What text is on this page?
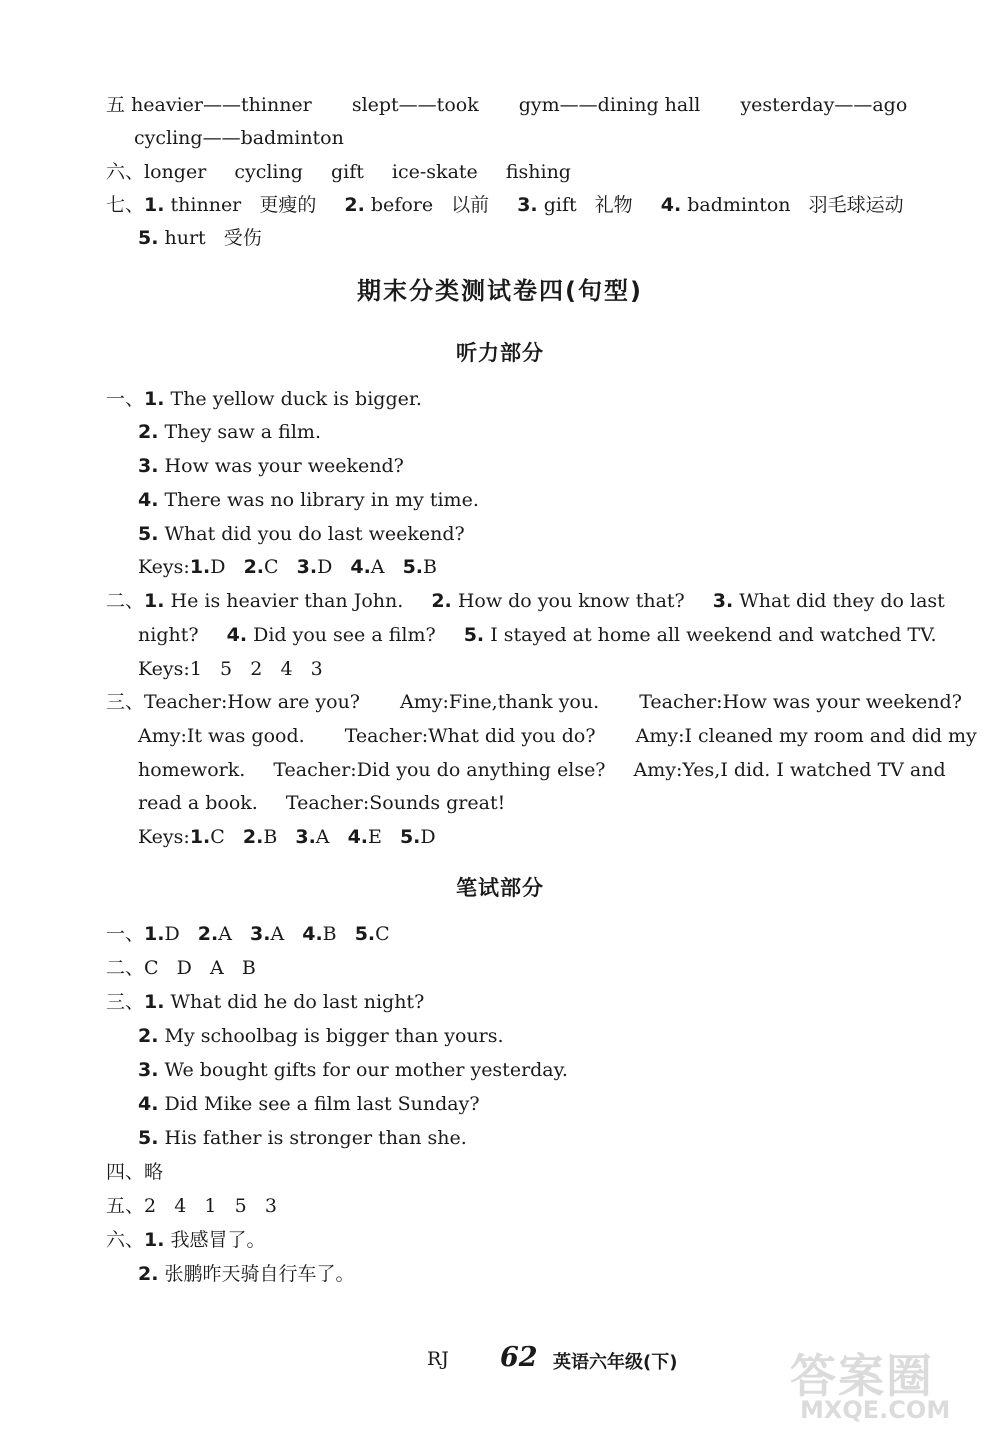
五 heavier——thinner slept——took gym——dining hall yesterday——ago
cycling——badminton
六、longer cycling gift ice-skate fishing
七、1. thinner 更瘦的 2. before 以前 3. gift 礼物 4. badminton 羽毛球运动
5. hurt 受伤
期末分类测试卷四(句型)
听力部分
一、1. The yellow duck is bigger.
2. They saw a film.
3. How was your weekend?
4. There was no library in my time.
5. What did you do last weekend?
Keys:1.D 2.C 3.D 4.A 5.B
二、1. He is heavier than John. 2. How do you know that? 3. What did they do last
night? 4. Did you see a film? 5. I stayed at home all weekend and watched TV.
Keys:1   5   2   4   3
三、Teacher:How are you? Amy:Fine,thank you. Teacher:How was your weekend?
Amy:It was good. Teacher:What did you do? Amy:I cleaned my room and did my
homework. Teacher:Did you do anything else? Amy:Yes,I did. I watched TV and
read a book. Teacher:Sounds great!
Keys:1.C 2.B 3.A 4.E 5.D
笔试部分
一、1.D 2.A 3.A 4.B 5.C
二、C   D   A   B
三、1. What did he do last night?
2. My schoolbag is bigger than yours.
3. We bought gifts for our mother yesterday.
4. Did Mike see a film last Sunday?
5. His father is stronger than she.
四、略
五、2   4   1   5   3
六、1. 我感冒了。
2. 张鹏昨天骑自行车了。
RJ 62 英语六年级(下) 答案圈
MXQE.COM
